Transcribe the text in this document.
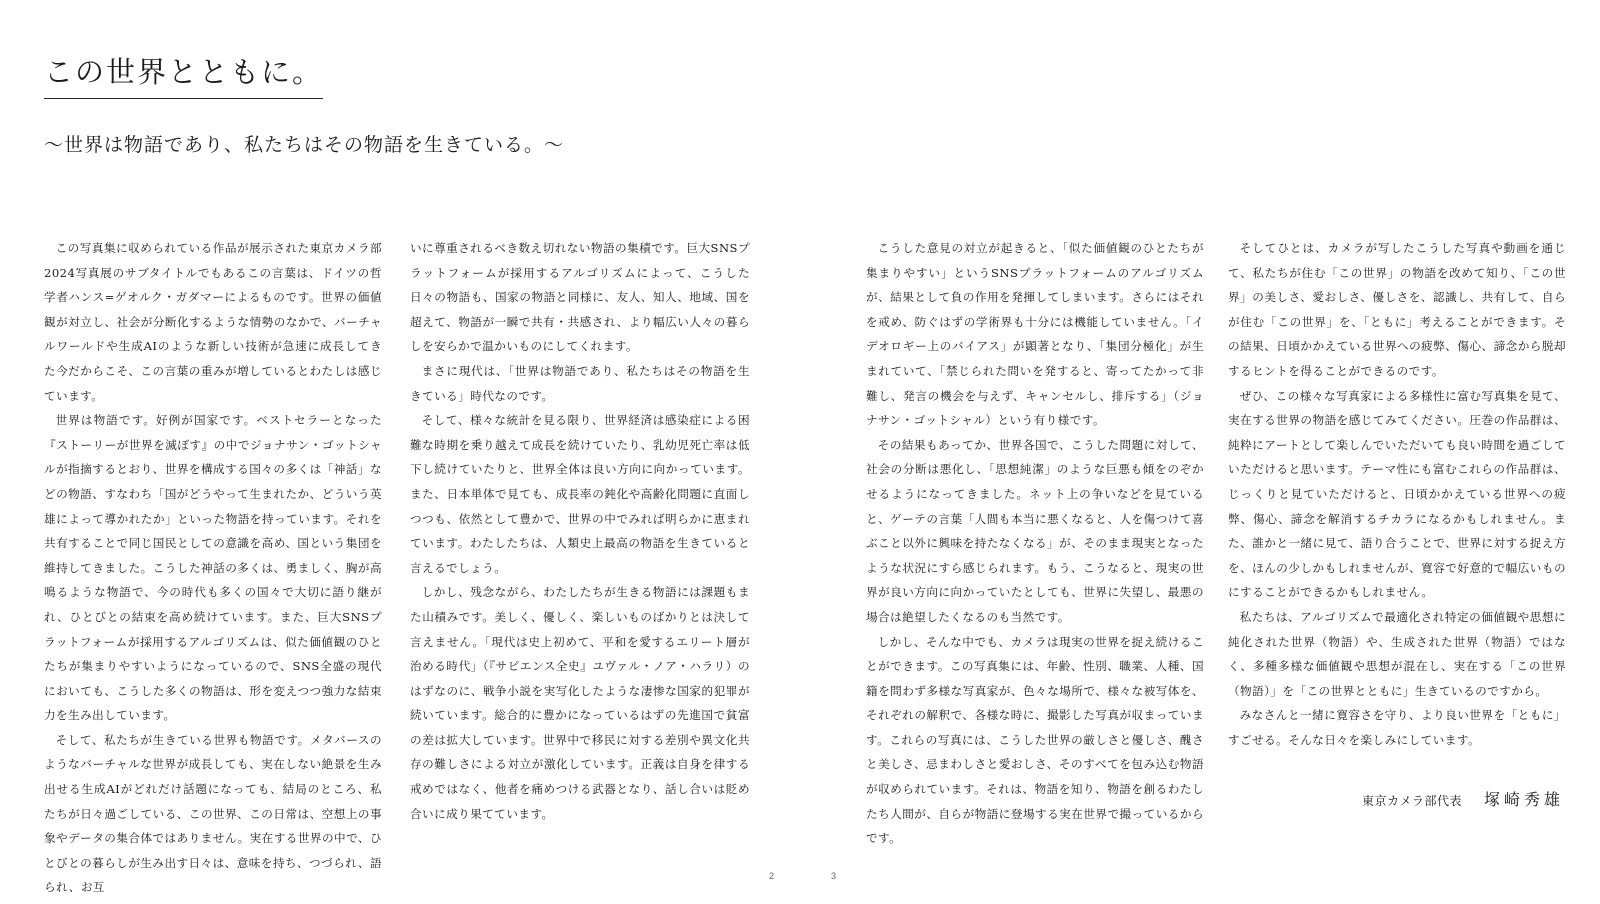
この世界とともに。
～世界は物語であり、私たちはその物語を生きている。～

この写真集に収められている作品が展示された東京カメラ部2024写真展のサブタイトルでもあるこの言葉は、ドイツの哲学者ハンス=ゲオルク・ガダマーによるものです。世界の価値観が対立し、社会が分断化するような情勢のなかで、バーチャルワールドや生成AIのような新しい技術が急速に成長してきた今だからこそ、この言葉の重みが増しているとわたしは感じています。

世界は物語です。好例が国家です。ベストセラーとなった『ストーリーが世界を滅ぼす』の中でジョナサン・ゴットシャルが指摘するとおり、世界を構成する国々の多くは「神話」などの物語、すなわち「国がどうやって生まれたか、どういう英雄によって導かれたか」といった物語を持っています。それを共有することで同じ国民としての意識を高め、国という集団を維持してきました。こうした神話の多くは、勇ましく、胸が高鳴るような物語で、今の時代も多くの国々で大切に語り継がれ、ひとびとの結束を高め続けています。また、巨大SNSプラットフォームが採用するアルゴリズムは、似た価値観のひとたちが集まりやすいようになっているので、SNS全盛の現代においても、こうした多くの物語は、形を変えつつ強力な結束力を生み出しています。

そして、私たちが生きている世界も物語です。メタバースのようなバーチャルな世界が成長しても、実在しない絶景を生み出せる生成AIがどれだけ話題になっても、結局のところ、私たちが日々過ごしている、この世界、この日常は、空想上の事象やデータの集合体ではありません。実在する世界の中で、ひとびとの暮らしが生み出す日々は、意味を持ち、つづられ、語られ、お互

いに尊重されるべき数え切れない物語の集積です。巨大SNSプラットフォームが採用するアルゴリズムによって、こうした日々の物語も、国家の物語と同様に、友人、知人、地域、国を超えて、物語が一瞬で共有・共感され、より幅広い人々の暮らしを安らかで温かいものにしてくれます。

まさに現代は、「世界は物語であり、私たちはその物語を生きている」時代なのです。

そして、様々な統計を見る限り、世界経済は感染症による困難な時期を乗り越えて成長を続けていたり、乳幼児死亡率は低下し続けていたりと、世界全体は良い方向に向かっています。また、日本単体で見ても、成長率の鈍化や高齢化問題に直面しつつも、依然として豊かで、世界の中でみれば明らかに恵まれています。わたしたちは、人類史上最高の物語を生きていると言えるでしょう。

しかし、残念ながら、わたしたちが生きる物語には課題もまた山積みです。美しく、優しく、楽しいものばかりとは決して言えません。「現代は史上初めて、平和を愛するエリート層が治める時代」（『サピエンス全史』ユヴァル・ノア・ハラリ）のはずなのに、戦争小説を実写化したような凄惨な国家的犯罪が続いています。総合的に豊かになっているはずの先進国で貧富の差は拡大しています。世界中で移民に対する差別や異文化共存の難しさによる対立が激化しています。正義は自身を律する戒めではなく、他者を痛めつける武器となり、話し合いは貶め合いに成り果てています。

こうした意見の対立が起きると、「似た価値観のひとたちが集まりやすい」というSNSプラットフォームのアルゴリズムが、結果として負の作用を発揮してしまいます。さらにはそれを戒め、防ぐはずの学術界も十分には機能していません。「イデオロギー上のバイアス」が顕著となり、「集団分極化」が生まれていて、「禁じられた問いを発すると、寄ってたかって非難し、発言の機会を与えず、キャンセルし、排斥する」（ジョナサン・ゴットシャル）という有り様です。

その結果もあってか、世界各国で、こうした問題に対して、社会の分断は悪化し、「思想純潔」のような巨悪も傾をのぞかせるようになってきました。ネット上の争いなどを見ていると、ゲーテの言葉「人間も本当に悪くなると、人を傷つけて喜ぶこと以外に興味を持たなくなる」が、そのまま現実となったような状況にすら感じられます。もう、こうなると、現実の世界が良い方向に向かっていたとしても、世界に失望し、最悪の場合は絶望したくなるのも当然です。

しかし、そんな中でも、カメラは現実の世界を捉え続けることができます。この写真集には、年齢、性別、職業、人種、国籍を問わず多様な写真家が、色々な場所で、様々な被写体を、それぞれの解釈で、各様な時に、撮影した写真が収まっています。これらの写真には、こうした世界の厳しさと優しさ、醜さと美しさ、忌まわしさと愛おしさ、そのすべてを包み込む物語が収められています。それは、物語を知り、物語を創るわたしたち人間が、自らが物語に登場する実在世界で撮っているからです。

そしてひとは、カメラが写したこうした写真や動画を通じて、私たちが住む「この世界」の物語を改めて知り、「この世界」の美しさ、愛おしさ、優しさを、認識し、共有して、自らが住む「この世界」を、「ともに」考えることができます。その結果、日頃かかえている世界への疲弊、傷心、諦念から脱却するヒントを得ることができるのです。

ぜひ、この様々な写真家による多様性に富む写真集を見て、実在する世界の物語を感じてみてください。圧巻の作品群は、純粋にアートとして楽しんでいただいても良い時間を過ごしていただけると思います。テーマ性にも富むこれらの作品群は、じっくりと見ていただけると、日頃かかえている世界への疲弊、傷心、諦念を解消するチカラになるかもしれません。また、誰かと一緒に見て、語り合うことで、世界に対する捉え方を、ほんの少しかもしれませんが、寛容で好意的で幅広いものにすることができるかもしれません。

私たちは、アルゴリズムで最適化され特定の価値観や思想に純化された世界（物語）や、生成された世界（物語）ではなく、多種多様な価値観や思想が混在し、実在する「この世界（物語）」を「この世界とともに」生きているのですから。

みなさんと一緒に寛容さを守り、より良い世界を「ともに」すごせる。そんな日々を楽しみにしています。

東京カメラ部代表 塚崎秀雄
2	3
